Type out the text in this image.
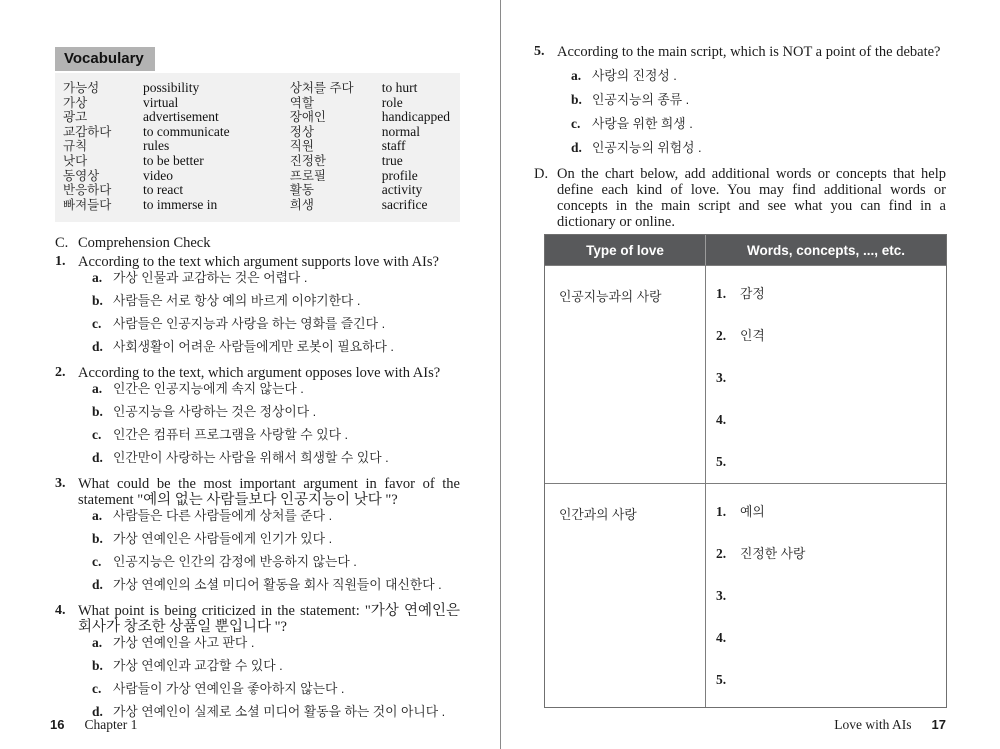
Vocabulary
가능성	possibility
가상	virtual
광고	advertisement
교감하다	to communicate
규칙	rules
낫다	to be better
동영상	video
반응하다	to react
빠져들다	to immerse in
상처를 주다	to hurt
역할	role
장애인	handicapped
정상	normal
직원	staff
진정한	true
프로필	profile
활동	activity
희생	sacrifice
C. Comprehension Check
1. According to the text which argument supports love with AIs?
a. 가상 인물과 교감하는 것은 어렵다 .
b. 사람들은 서로 항상 예의 바르게 이야기한다 .
c. 사람들은 인공지능과 사랑을 하는 영화를 즐긴다 .
d. 사회생활이 어려운 사람들에게만 로봇이 필요하다 .
2. According to the text, which argument opposes love with AIs?
a. 인간은 인공지능에게 속지 않는다 .
b. 인공지능을 사랑하는 것은 정상이다 .
c. 인간은 컴퓨터 프로그램을 사랑할 수 있다 .
d. 인간만이 사랑하는 사람을 위해서 희생할 수 있다 .
3. What could be the most important argument in favor of the statement "예의 없는 사람들보다 인공지능이 낫다 "?
a. 사람들은 다른 사람들에게 상처를 준다 .
b. 가상 연예인은 사람들에게 인기가 있다 .
c. 인공지능은 인간의 감정에 반응하지 않는다 .
d. 가상 연예인의 소셜 미디어 활동을 회사 직원들이 대신한다 .
4. What point is being criticized in the statement: "가상 연예인은 회사가 창조한 상품일 뿐입니다 "?
a. 가상 연예인을 사고 판다 .
b. 가상 연예인과 교감할 수 있다 .
c. 사람들이 가상 연예인을 좋아하지 않는다 .
d. 가상 연예인이 실제로 소셜 미디어 활동을 하는 것이 아니다 .
16 Chapter 1
5. According to the main script, which is NOT a point of the debate?
a. 사랑의 진정성 .
b. 인공지능의 종류 .
c. 사랑을 위한 희생 .
d. 인공지능의 위험성 .
D. On the chart below, add additional words or concepts that help define each kind of love. You may find additional words or concepts in the main script and see what you can find in a dictionary or online.
Type of love	Words, concepts, ..., etc.
인공지능과의 사랑	1.	감정
2.	인격
3.
4.
5.
인간과의 사랑	1.	예의
2.	진정한 사랑
3.
4.
5.
Love with AIs 17
